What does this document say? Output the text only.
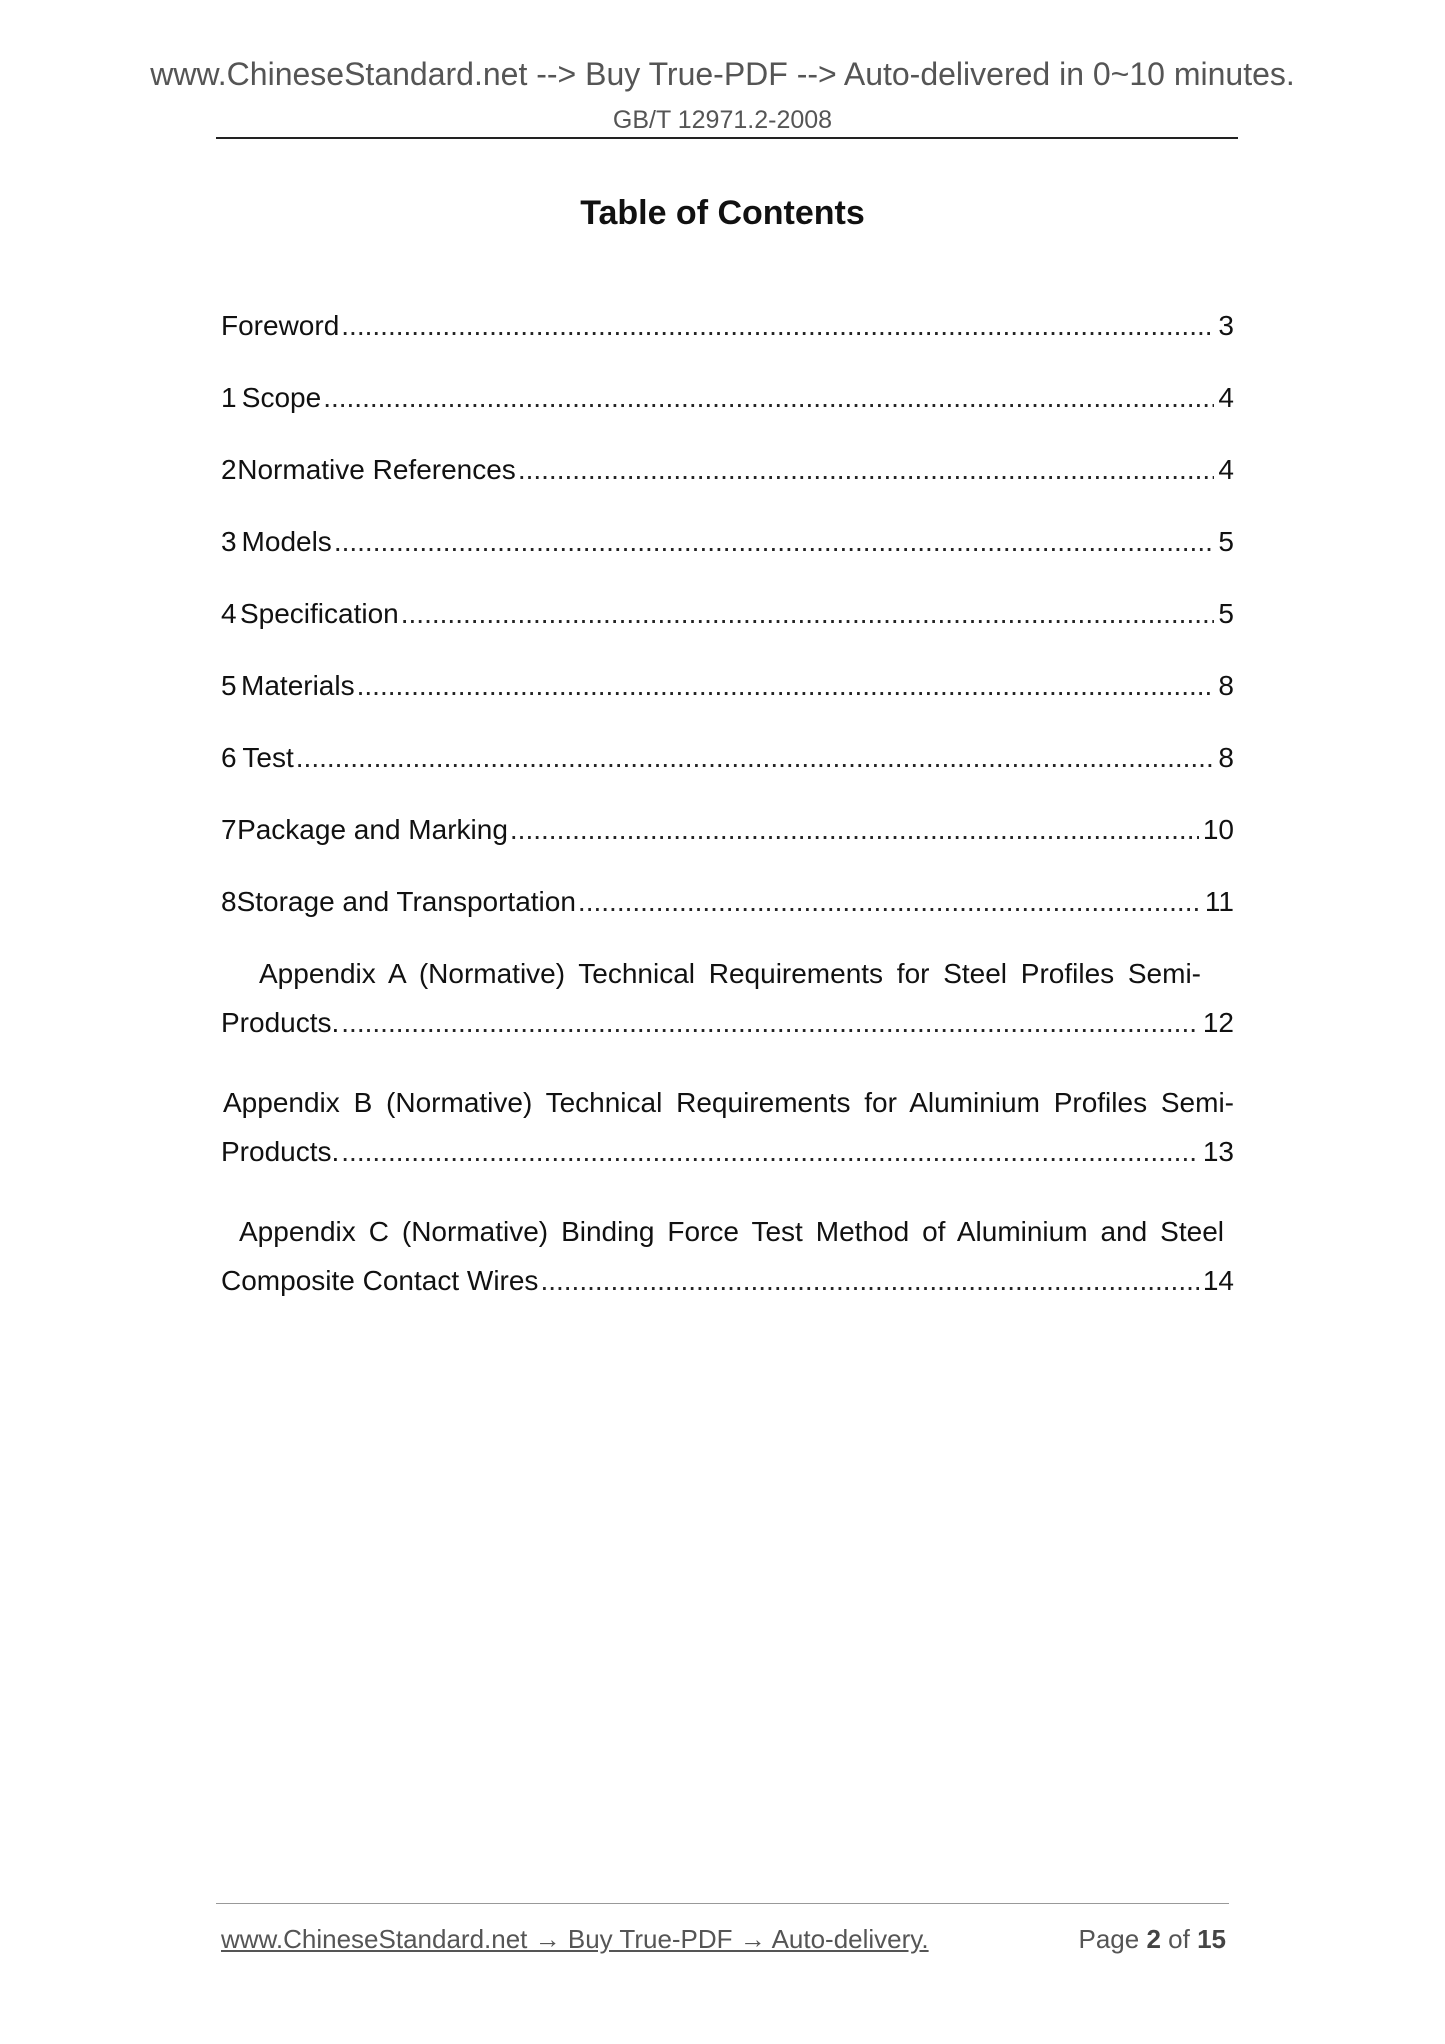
www.ChineseStandard.net --> Buy True-PDF --> Auto-delivered in 0~10 minutes.
GB/T 12971.2-2008
Table of Contents
Foreword .....	3
1 Scope .....	4
2 Normative References .....	4
3 Models .....	5
4 Specification .....	5
5 Materials .....	8
6 Test .....	8
7 Package and Marking .....	10
8 Storage and Transportation .....	11
Appendix A (Normative) Technical Requirements for Steel Profiles Semi-
Products. .....	12
Appendix B (Normative) Technical Requirements for Aluminium Profiles Semi-
Products. .....	13
Appendix C (Normative) Binding Force Test Method of Aluminium and Steel
Composite Contact Wires .....	14
www.ChineseStandard.net → Buy True-PDF → Auto-delivery.	Page 2 of 15
